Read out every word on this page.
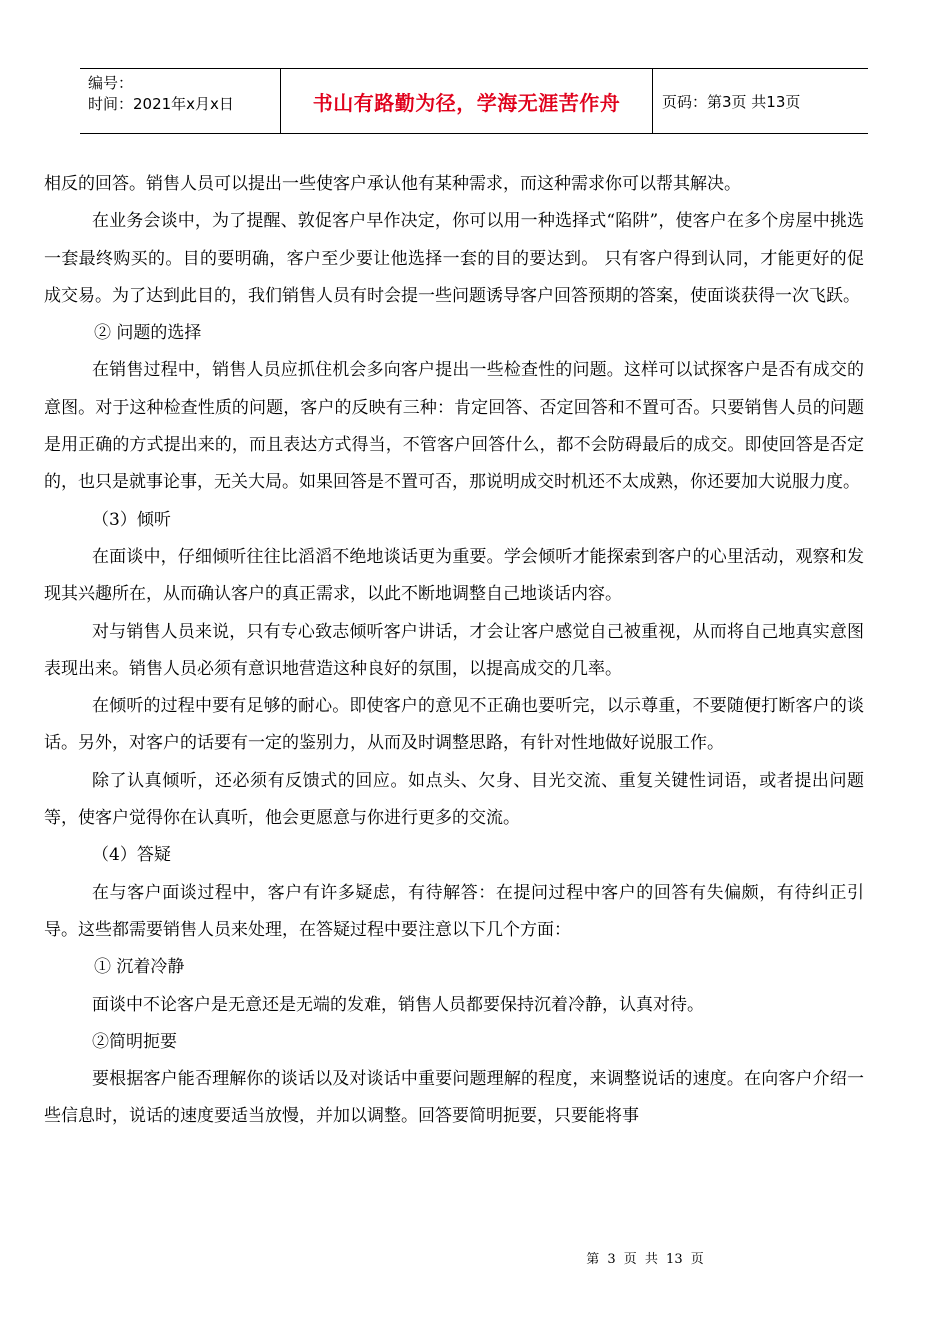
编号：
时间：2021年x月x日	书山有路勤为径，学海无涯苦作舟	页码：第3页 共13页

相反的回答。销售人员可以提出一些使客户承认他有某种需求，而这种需求你可以帮其解决。

在业务会谈中，为了提醒、敦促客户早作决定，你可以用一种选择式“陷阱”，使客户在多个房屋中挑选一套最终购买的。目的要明确，客户至少要让他选择一套的目的要达到。 只有客户得到认同，才能更好的促成交易。为了达到此目的，我们销售人员有时会提一些问题诱导客户回答预期的答案，使面谈获得一次飞跃。

② 问题的选择

在销售过程中，销售人员应抓住机会多向客户提出一些检查性的问题。这样可以试探客户是否有成交的意图。对于这种检查性质的问题，客户的反映有三种：肯定回答、否定回答和不置可否。只要销售人员的问题是用正确的方式提出来的，而且表达方式得当，不管客户回答什么，都不会防碍最后的成交。即使回答是否定的，也只是就事论事，无关大局。如果回答是不置可否，那说明成交时机还不太成熟，你还要加大说服力度。

（3）倾听

在面谈中，仔细倾听往往比滔滔不绝地谈话更为重要。学会倾听才能探索到客户的心里活动，观察和发现其兴趣所在，从而确认客户的真正需求，以此不断地调整自己地谈话内容。

对与销售人员来说，只有专心致志倾听客户讲话，才会让客户感觉自己被重视，从而将自己地真实意图表现出来。销售人员必须有意识地营造这种良好的氛围，以提高成交的几率。

在倾听的过程中要有足够的耐心。即使客户的意见不正确也要听完，以示尊重，不要随便打断客户的谈话。另外，对客户的话要有一定的鉴别力，从而及时调整思路，有针对性地做好说服工作。

除了认真倾听，还必须有反馈式的回应。如点头、欠身、目光交流、重复关键性词语，或者提出问题等，使客户觉得你在认真听，他会更愿意与你进行更多的交流。

（4）答疑

在与客户面谈过程中，客户有许多疑虑，有待解答：在提问过程中客户的回答有失偏颇，有待纠正引导。这些都需要销售人员来处理，在答疑过程中要注意以下几个方面：

① 沉着冷静

面谈中不论客户是无意还是无端的发难，销售人员都要保持沉着冷静，认真对待。

②简明扼要

要根据客户能否理解你的谈话以及对谈话中重要问题理解的程度，来调整说话的速度。在向客户介绍一些信息时，说话的速度要适当放慢，并加以调整。回答要简明扼要，只要能将事

第 3 页 共 13 页
